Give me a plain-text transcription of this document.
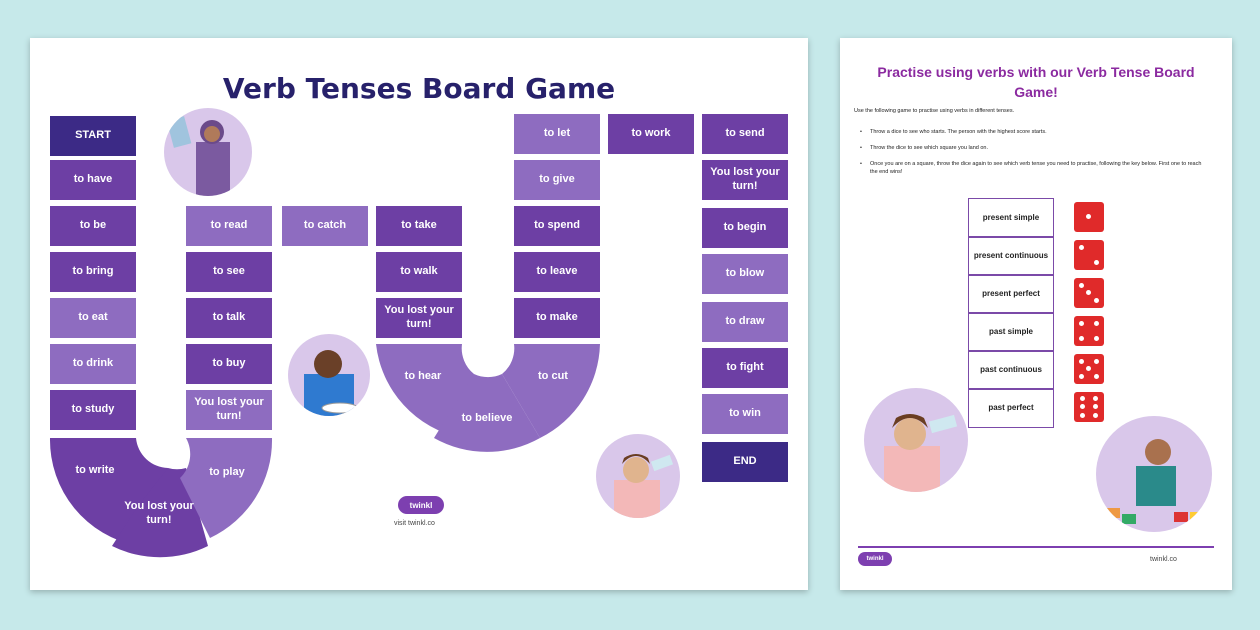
Verb Tenses Board Game
to write
You lost your turn!
to play
to hear
to believe
to cut
START
to have
to be
to bring
to eat
to drink
to study
to read
to see
to talk
to buy
You lost your turn!
to catch	to take
to walk
You lost your turn!
to let
to give
to spend
to leave
to make
to work	to send
You lost your turn!
to begin
to blow
to draw
to fight
to win
END
twinkl
visit twinkl.co
Practise using verbs with our Verb Tense Board Game!
Use the following game to practise using verbs in different tenses.
• Throw a dice to see who starts. The person with the highest score starts.
• Throw the dice to see which square you land on.
• Once you are on a square, throw the dice again to see which verb tense you need to practise, following the key below. First one to reach the end wins!
present simple
present continuous
present perfect
past simple
past continuous
past perfect
twinkl	twinkl.co
